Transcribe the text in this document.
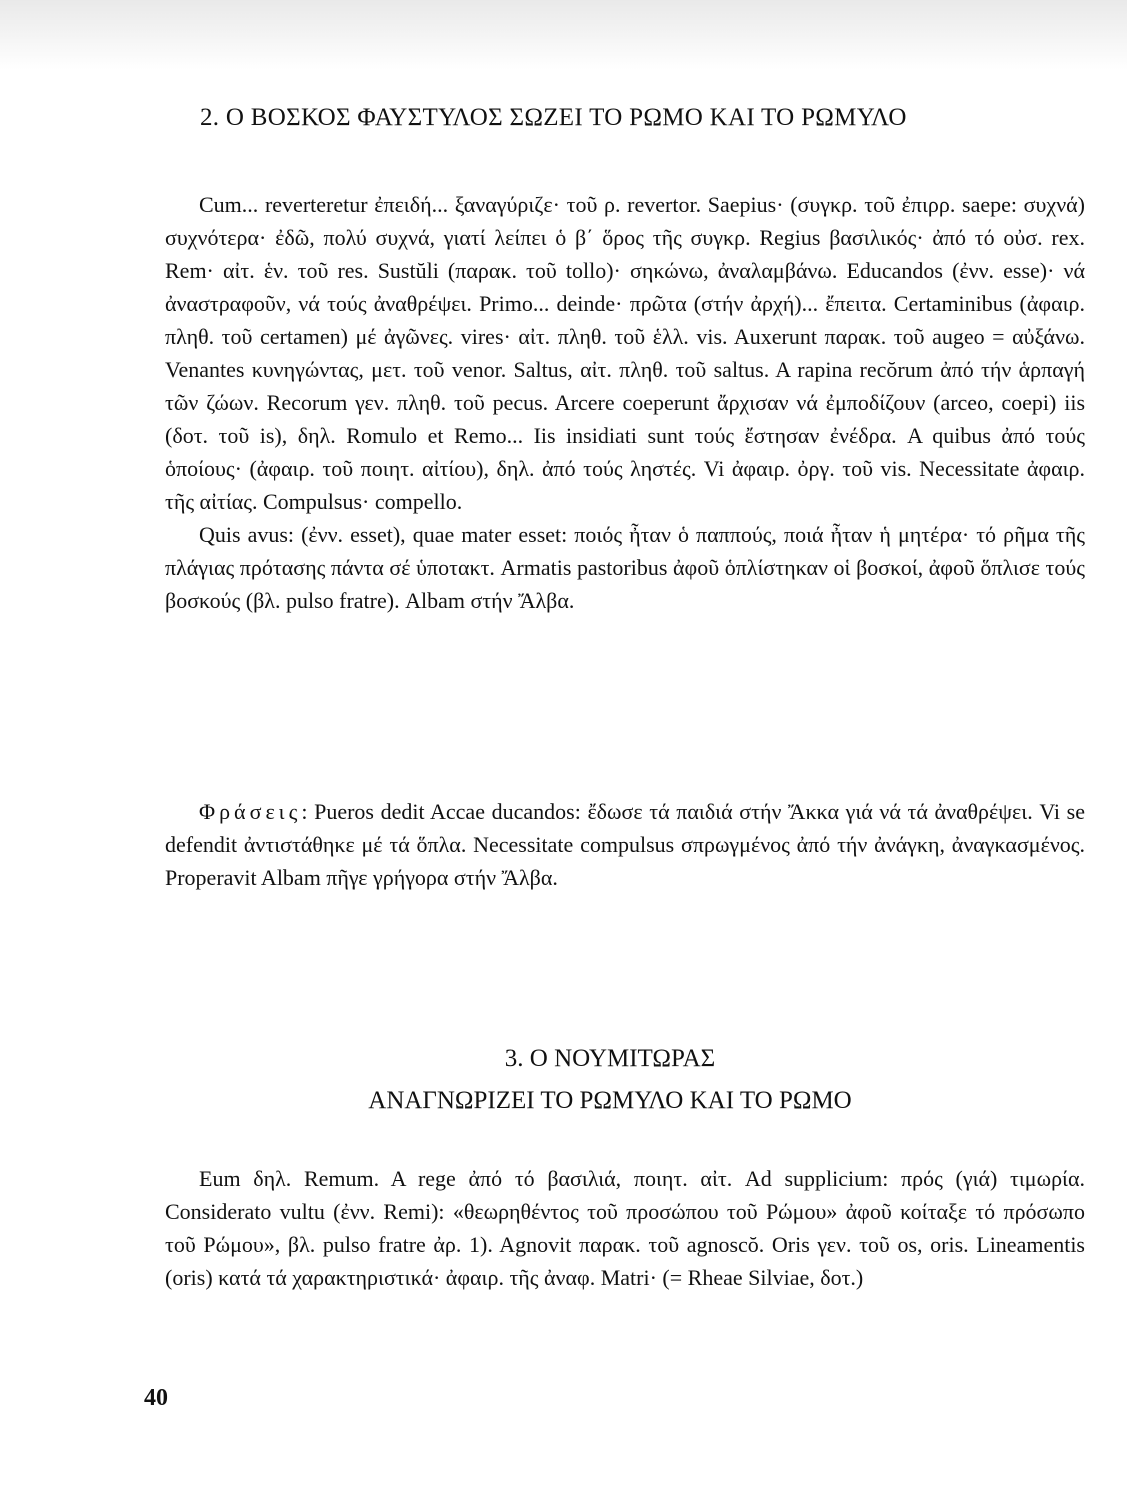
2. Ο ΒΟΣΚΟΣ ΦΑΥΣΤΥΛΟΣ ΣΩΖΕΙ ΤΟ ΡΩΜΟ ΚΑΙ ΤΟ ΡΩΜΥΛΟ

Cum... reverteretur ἐπειδή... ξαναγύριζε· τοῦ ρ. revertor. Saepius· (συγκρ. τοῦ ἐπιρρ. saepe: συχνά) συχνότερα· ἐδῶ, πολύ συχνά, γιατί λείπει ὁ β΄ ὅρος τῆς συγκρ. Regius βασιλικός· ἀπό τό οὐσ. rex. Rem· αἰτ. ἑν. τοῦ res. Sustŭli (παρακ. τοῦ tollo)· σηκώνω, ἀναλαμβάνω. Educandos (ἐνν. esse)· νά ἀναστραφοῦν, νά τούς ἀναθρέψει. Primo... deinde· πρῶτα (στήν ἀρχή)... ἔπειτα. Certaminibus (ἀφαιρ. πληθ. τοῦ certamen) μέ ἀγῶνες. vires· αἰτ. πληθ. τοῦ ἑλλ. vis. Auxerunt παρακ. τοῦ augeo = αὐξάνω. Venantes κυνηγώντας, μετ. τοῦ venor. Saltus, αἰτ. πληθ. τοῦ saltus. A rapina recŏrum ἀπό τήν ἁρπαγή τῶν ζώων. Recorum γεν. πληθ. τοῦ pecus. Arcere coeperunt ἄρχισαν νά ἐμποδίζουν (arceo, coepi) iis (δοτ. τοῦ is), δηλ. Romulo et Remo... Iis insidiati sunt τούς ἔστησαν ἐνέδρα. A quibus ἀπό τούς ὁποίους· (ἀφαιρ. τοῦ ποιητ. αἰτίου), δηλ. ἀπό τούς ληστές. Vi ἀφαιρ. ὀργ. τοῦ vis. Necessitate ἀφαιρ. τῆς αἰτίας. Compulsus· compello.

Quis avus: (ἐνν. esset), quae mater esset: ποιός ἦταν ὁ παππούς, ποιά ἦταν ἡ μητέρα· τό ρῆμα τῆς πλάγιας πρότασης πάντα σέ ὑποτακτ. Armatis pastoribus ἀφοῦ ὁπλίστηκαν οἱ βοσκοί, ἀφοῦ ὅπλισε τούς βοσκούς (βλ. pulso fratre). Albam στήν Ἄλβα.

Φράσεις: Pueros dedit Accae ducandos: ἔδωσε τά παιδιά στήν Ἄκκα γιά νά τά ἀναθρέψει. Vi se defendit ἀντιστάθηκε μέ τά ὅπλα. Necessitate compulsus σπρωγμένος ἀπό τήν ἀνάγκη, ἀναγκασμένος. Properavit Albam πῆγε γρήγορα στήν Ἄλβα.

3. Ο ΝΟΥΜΙΤΩΡΑΣ
ΑΝΑΓΝΩΡΙΖΕΙ ΤΟ ΡΩΜΥΛΟ ΚΑΙ ΤΟ ΡΩΜΟ

Eum δηλ. Remum. A rege ἀπό τό βασιλιά, ποιητ. αἰτ. Ad supplicium: πρός (γιά) τιμωρία. Considerato vultu (ἐνν. Remi): «θεωρηθέντος τοῦ προσώπου τοῦ Ρώμου» ἀφοῦ κοίταξε τό πρόσωπο τοῦ Ρώμου», βλ. pulso fratre ἀρ. 1). Agnovit παρακ. τοῦ agnoscŏ. Oris γεν. τοῦ os, oris. Lineamentis (oris) κατά τά χαρακτηριστικά· ἀφαιρ. τῆς ἀναφ. Matri· (= Rheae Silviae, δοτ.)

40
